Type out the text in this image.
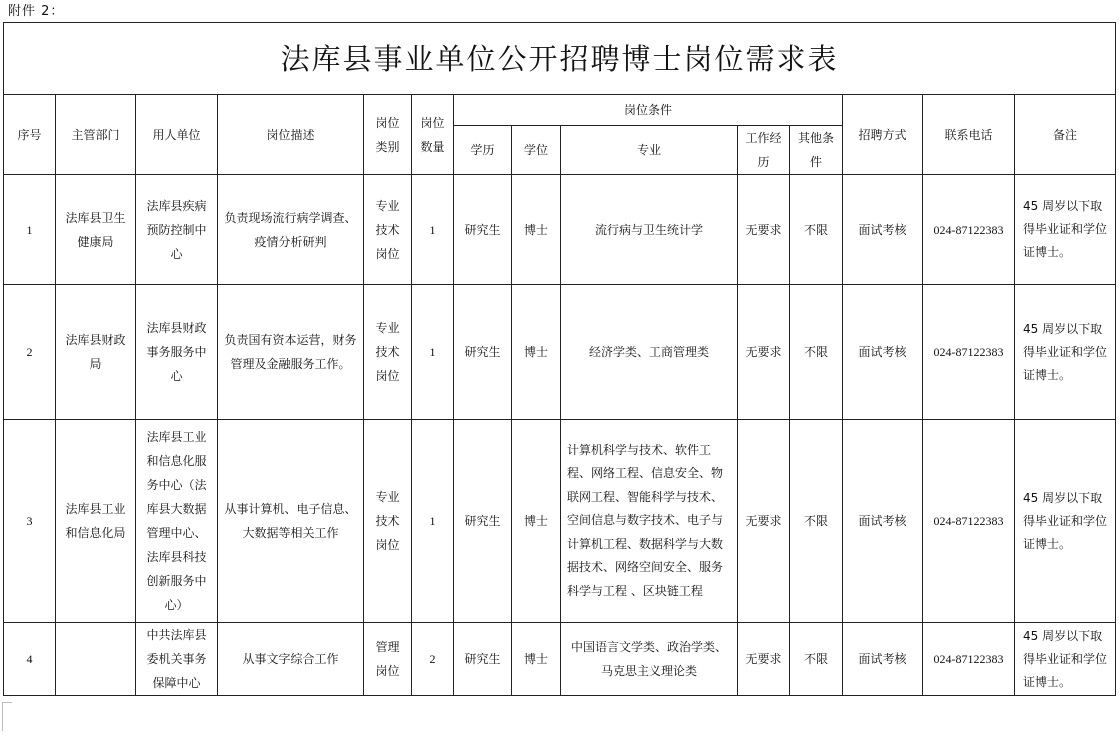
附件 2：
法库县事业单位公开招聘博士岗位需求表													
序号	主管部门	用人单位	岗位描述	岗位类别	岗位数量	岗位条件					招聘方式	联系电话	备注
						学历	学位	专业	工作经历	其他条件			

1	法库县卫生健康局	法库县疾病预防控制中心	负责现场流行病学调查、疫情分析研判	专业技术岗位	1	研究生	博士	流行病与卫生统计学	无要求	不限	面试考核	024-87122383	45 周岁以下取得毕业证和学位证博士。

2	法库县财政局	法库县财政事务服务中心	负责国有资本运营，财务管理及金融服务工作。	专业技术岗位	1	研究生	博士	经济学类、工商管理类	无要求	不限	面试考核	024-87122383	45 周岁以下取得毕业证和学位证博士。

3	法库县工业和信息化局	法库县工业和信息化服务中心（法库县大数据管理中心、法库县科技创新服务中心）	从事计算机、电子信息、大数据等相关工作	专业技术岗位	1	研究生	博士	计算机科学与技术、软件工程、网络工程、信息安全、物联网工程、智能科学与技术、空间信息与数字技术、电子与计算机工程、数据科学与大数据技术、网络空间安全、服务科学与工程 、区块链工程	无要求	不限	面试考核	024-87122383	45 周岁以下取得毕业证和学位证博士。

4		中共法库县委机关事务保障中心	从事文字综合工作	管理岗位	2	研究生	博士	中国语言文学类、政治学类、马克思主义理论类	无要求	不限	面试考核	024-87122383	45 周岁以下取得毕业证和学位证博士。
